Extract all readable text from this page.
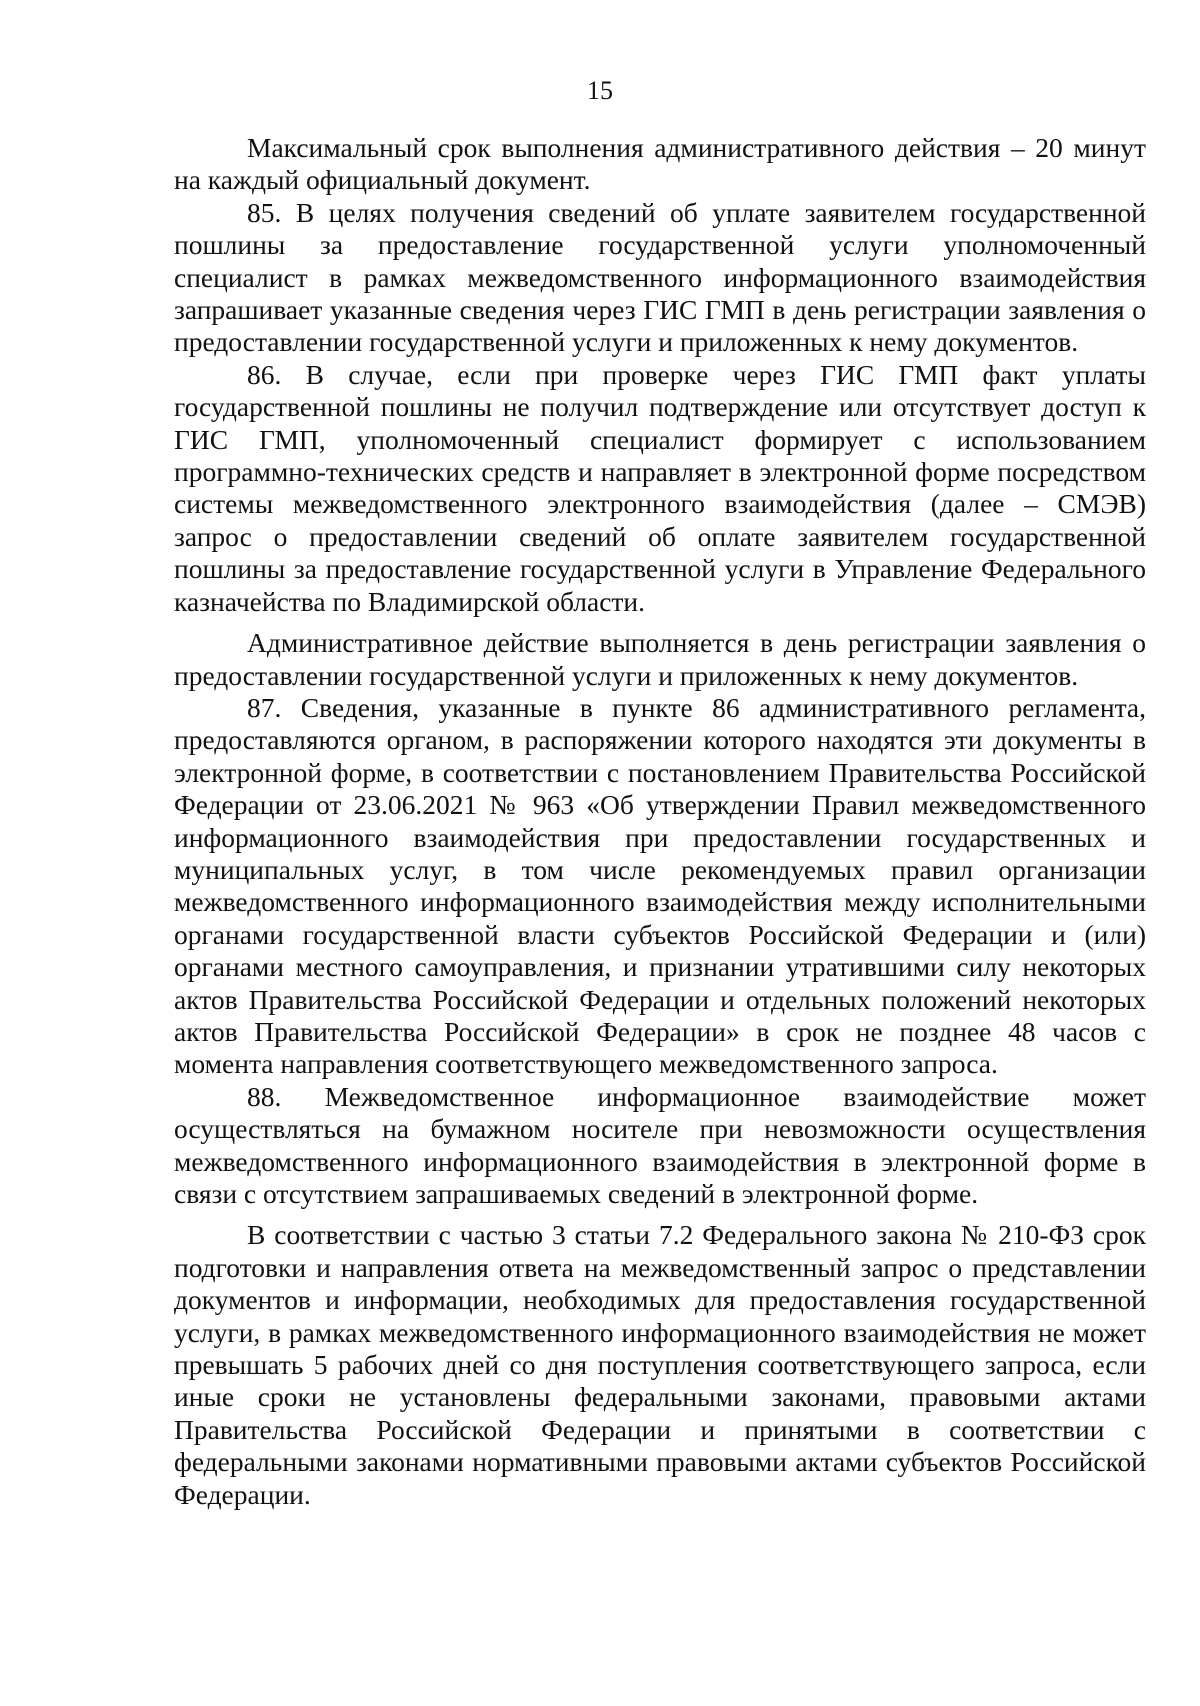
15

Максимальный срок выполнения административного действия – 20 минут на каждый официальный документ.

85. В целях получения сведений об уплате заявителем государственной пошлины за предоставление государственной услуги уполномоченный специалист в рамках межведомственного информационного взаимодействия запрашивает указанные сведения через ГИС ГМП в день регистрации заявления о предоставлении государственной услуги и приложенных к нему документов.

86. В случае, если при проверке через ГИС ГМП факт уплаты государственной пошлины не получил подтверждение или отсутствует доступ к ГИС ГМП, уполномоченный специалист формирует с использованием программно-технических средств и направляет в электронной форме посредством системы межведомственного электронного взаимодействия (далее – СМЭВ) запрос о предоставлении сведений об оплате заявителем государственной пошлины за предоставление государственной услуги в Управление Федерального казначейства по Владимирской области.

Административное действие выполняется в день регистрации заявления о предоставлении государственной услуги и приложенных к нему документов.

87. Сведения, указанные в пункте 86 административного регламента, предоставляются органом, в распоряжении которого находятся эти документы в электронной форме, в соответствии с постановлением Правительства Российской Федерации от 23.06.2021 № 963 «Об утверждении Правил межведомственного информационного взаимодействия при предоставлении государственных и муниципальных услуг, в том числе рекомендуемых правил организации межведомственного информационного взаимодействия между исполнительными органами государственной власти субъектов Российской Федерации и (или) органами местного самоуправления, и признании утратившими силу некоторых актов Правительства Российской Федерации и отдельных положений некоторых актов Правительства Российской Федерации» в срок не позднее 48 часов с момента направления соответствующего межведомственного запроса.

88. Межведомственное информационное взаимодействие может осуществляться на бумажном носителе при невозможности осуществления межведомственного информационного взаимодействия в электронной форме в связи с отсутствием запрашиваемых сведений в электронной форме.

В соответствии с частью 3 статьи 7.2 Федерального закона № 210-ФЗ срок подготовки и направления ответа на межведомственный запрос о представлении документов и информации, необходимых для предоставления государственной услуги, в рамках межведомственного информационного взаимодействия не может превышать 5 рабочих дней со дня поступления соответствующего запроса, если иные сроки не установлены федеральными законами, правовыми актами Правительства Российской Федерации и принятыми в соответствии с федеральными законами нормативными правовыми актами субъектов Российской Федерации.
